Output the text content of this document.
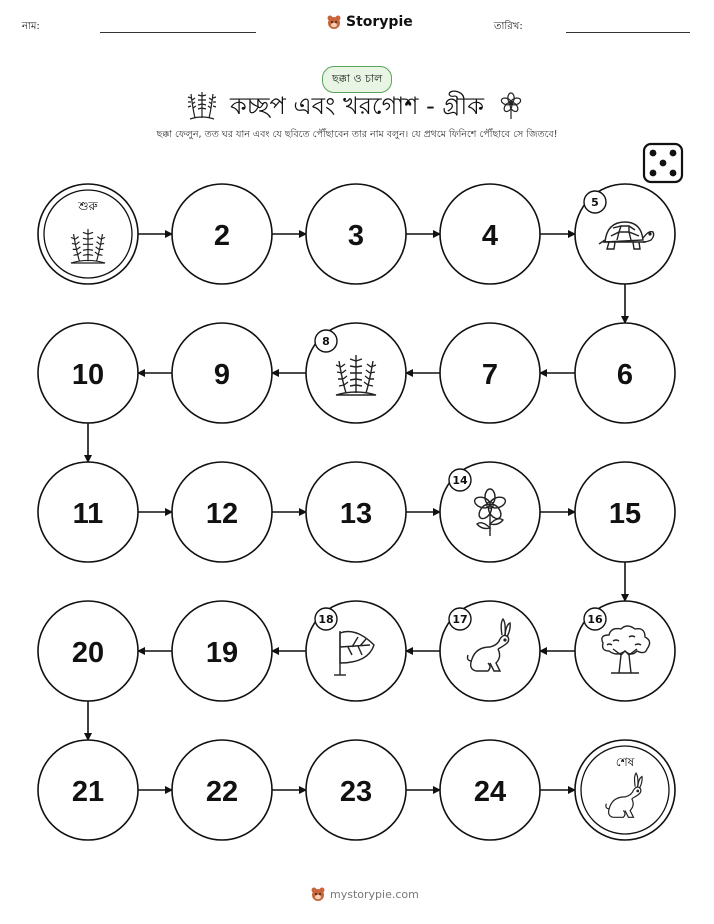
নাম:	Storypie	তারিখ:
ছক্কা ও চাল
কচ্ছপ এবং খরগোশ - গ্রীক
ছক্কা ফেলুন, তত ঘর যান এবং যে ছবিতে পৌঁছাবেন তার নাম বলুন। যে প্রথমে ফিনিশে পৌঁছাবে সে জিতবে!
শুরু
2	3	4
5
6
7
8
9
10
11	12	13
14
15
16
17
18
19
20
21	22	23	24
শেষ
mystorypie.com
